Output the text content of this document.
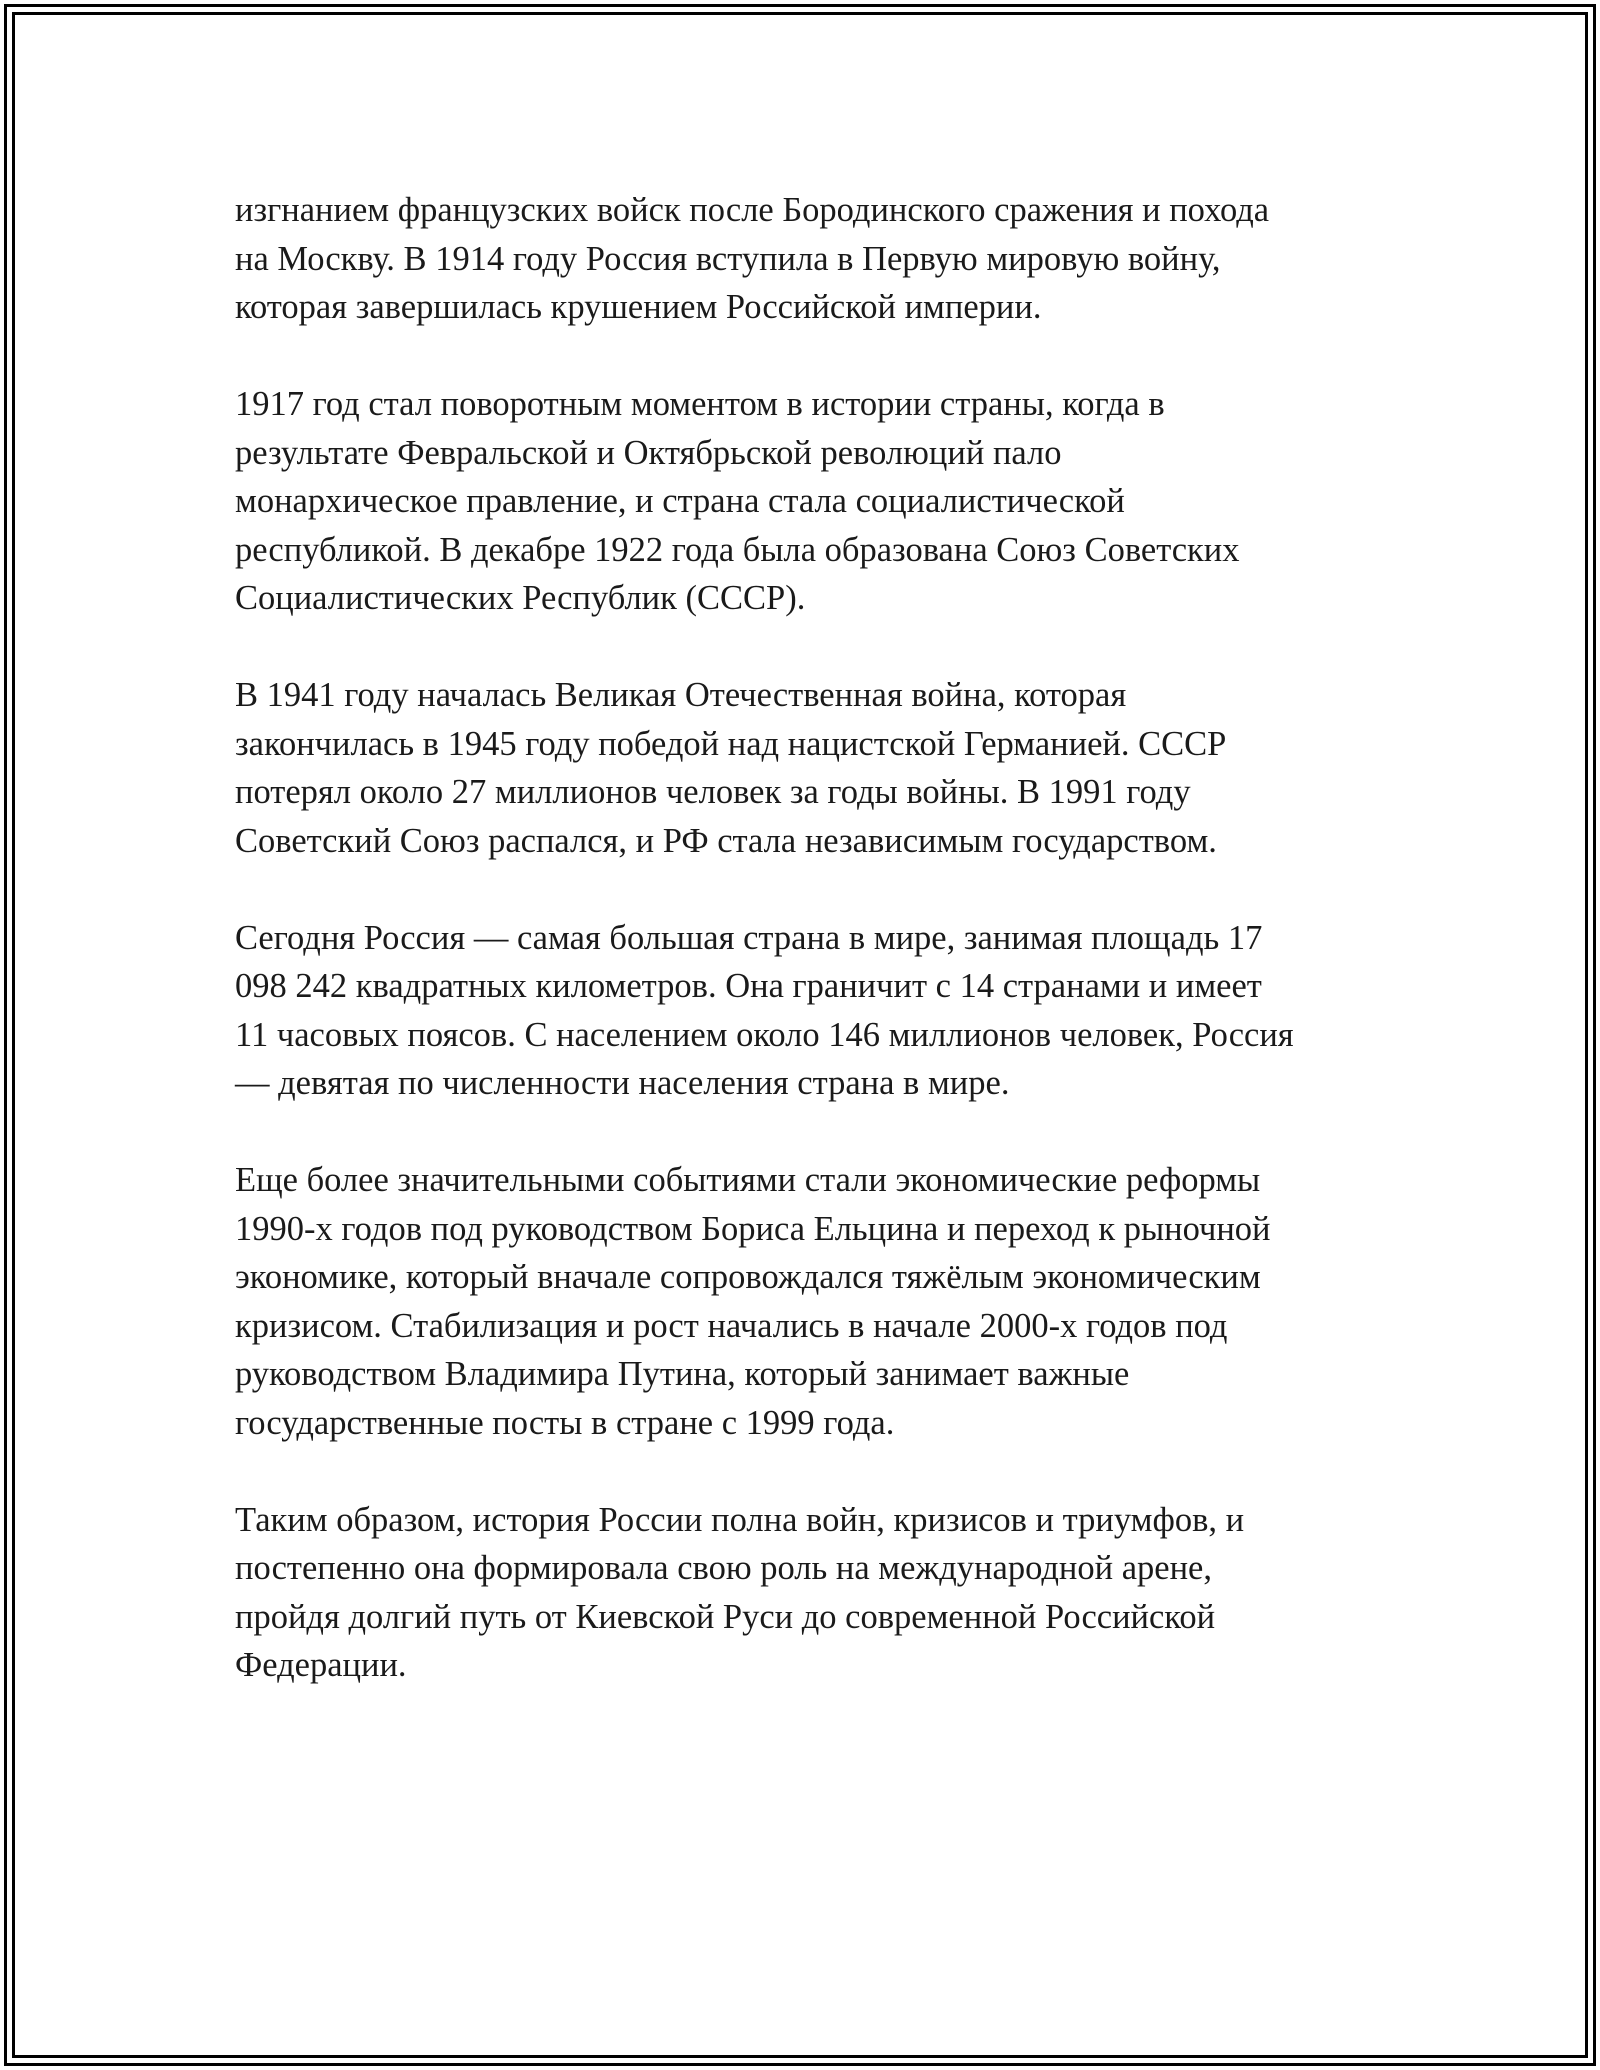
изгнанием французских войск после Бородинского сражения и похода
на Москву. В 1914 году Россия вступила в Первую мировую войну,
которая завершилась крушением Российской империи.

1917 год стал поворотным моментом в истории страны, когда в
результате Февральской и Октябрьской революций пало
монархическое правление, и страна стала социалистической
республикой. В декабре 1922 года была образована Союз Советских
Социалистических Республик (СССР).

В 1941 году началась Великая Отечественная война, которая
закончилась в 1945 году победой над нацистской Германией. СССР
потерял около 27 миллионов человек за годы войны. В 1991 году
Советский Союз распался, и РФ стала независимым государством.

Сегодня Россия — самая большая страна в мире, занимая площадь 17
098 242 квадратных километров. Она граничит с 14 странами и имеет
11 часовых поясов. С населением около 146 миллионов человек, Россия
— девятая по численности населения страна в мире.

Еще более значительными событиями стали экономические реформы
1990-х годов под руководством Бориса Ельцина и переход к рыночной
экономике, который вначале сопровождался тяжёлым экономическим
кризисом. Стабилизация и рост начались в начале 2000-х годов под
руководством Владимира Путина, который занимает важные
государственные посты в стране с 1999 года.

Таким образом, история России полна войн, кризисов и триумфов, и
постепенно она формировала свою роль на международной арене,
пройдя долгий путь от Киевской Руси до современной Российской
Федерации.
